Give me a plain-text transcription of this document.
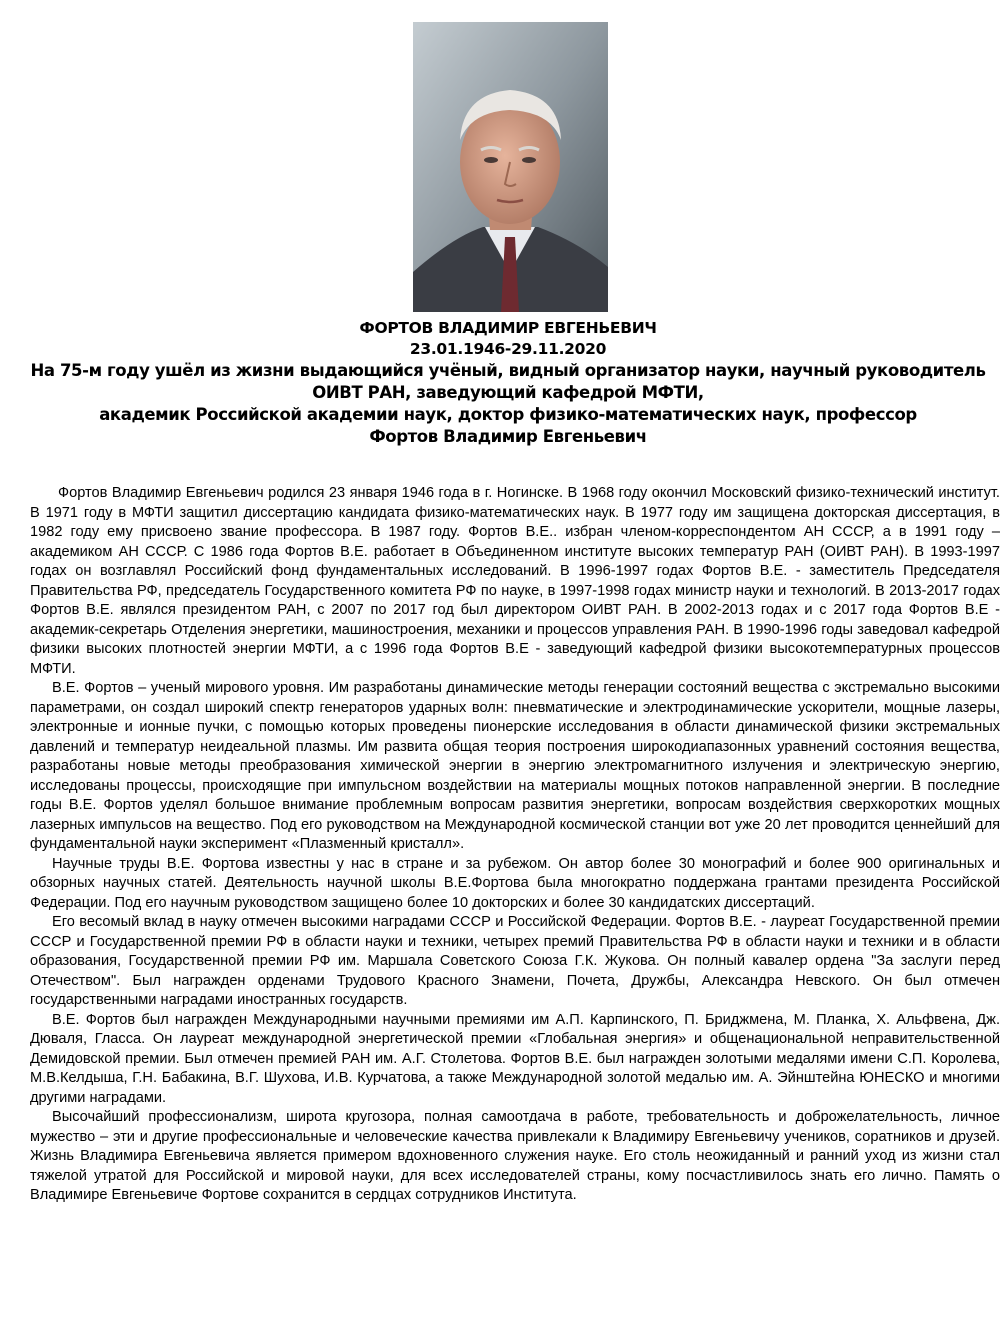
ФОРТОВ ВЛАДИМИР ЕВГЕНЬЕВИЧ
23.01.1946-29.11.2020
На 75-м году ушёл из жизни выдающийся учёный, видный организатор науки, научный руководитель
ОИВТ РАН, заведующий кафедрой МФТИ,
академик Российской академии наук, доктор физико-математических наук, профессор
Фортов Владимир Евгеньевич

Фортов Владимир Евгеньевич родился 23 января 1946 года в г. Ногинске. В 1968 году окончил Московский физико-технический институт. В 1971 году в МФТИ защитил диссертацию кандидата физико-математических наук. В 1977 году им защищена докторская диссертация, в 1982 году ему присвоено звание профессора. В 1987 году. Фортов В.Е.. избран членом-корреспондентом АН СССР, а в 1991 году – академиком АН СССР. С 1986 года Фортов В.Е. работает в Объединенном институте высоких температур РАН (ОИВТ РАН). В 1993-1997 годах он возглавлял Российский фонд фундаментальных исследований. В 1996-1997 годах Фортов В.Е. - заместитель Председателя Правительства РФ, председатель Государственного комитета РФ по науке, в 1997-1998 годах министр науки и технологий. В 2013-2017 годах Фортов В.Е. являлся президентом РАН, с 2007 по 2017 год был директором ОИВТ РАН. В 2002-2013 годах и с 2017 года Фортов В.Е - академик-секретарь Отделения энергетики, машиностроения, механики и процессов управления РАН. В 1990-1996 годы заведовал кафедрой физики высоких плотностей энергии МФТИ, а с 1996 года Фортов В.Е - заведующий кафедрой физики высокотемпературных процессов МФТИ.

В.Е. Фортов – ученый мирового уровня. Им разработаны динамические методы генерации состояний вещества с экстремально высокими параметрами, он создал широкий спектр генераторов ударных волн: пневматические и электродинамические ускорители, мощные лазеры, электронные и ионные пучки, с помощью которых проведены пионерские исследования в области динамической физики экстремальных давлений и температур неидеальной плазмы. Им развита общая теория построения широкодиапазонных уравнений состояния вещества, разработаны новые методы преобразования химической энергии в энергию электромагнитного излучения и электрическую энергию, исследованы процессы, происходящие при импульсном воздействии на материалы мощных потоков направленной энергии. В последние годы В.Е. Фортов уделял большое внимание проблемным вопросам развития энергетики, вопросам воздействия сверхкоротких мощных лазерных импульсов на вещество. Под его руководством на Международной космической станции вот уже 20 лет проводится ценнейший для фундаментальной науки эксперимент «Плазменный кристалл».

Научные труды В.Е. Фортова известны у нас в стране и за рубежом. Он автор более 30 монографий и более 900 оригинальных и обзорных научных статей. Деятельность научной школы В.Е.Фортова была многократно поддержана грантами президента Российской Федерации. Под его научным руководством защищено более 10 докторских и более 30 кандидатских диссертаций.

Его весомый вклад в науку отмечен высокими наградами СССР и Российской Федерации. Фортов В.Е. - лауреат Государственной премии СССР и Государственной премии РФ в области науки и техники, четырех премий Правительства РФ в области науки и техники и в области образования, Государственной премии РФ им. Маршала Советского Союза Г.К. Жукова. Он полный кавалер ордена "За заслуги перед Отечеством". Был награжден орденами Трудового Красного Знамени, Почета, Дружбы, Александра Невского. Он был отмечен государственными наградами иностранных государств.

В.Е. Фортов был награжден Международными научными премиями им А.П. Карпинского, П. Бриджмена, М. Планка, Х. Альфвена, Дж. Дюваля, Гласса. Он лауреат международной энергетической премии «Глобальная энергия» и общенациональной неправительственной Демидовской премии. Был отмечен премией РАН им. А.Г. Столетова. Фортов В.Е. был награжден золотыми медалями имени С.П. Королева, М.В.Келдыша, Г.Н. Бабакина, В.Г. Шухова, И.В. Курчатова, а также Международной золотой медалью им. А. Эйнштейна ЮНЕСКО и многими другими наградами.

Высочайший профессионализм, широта кругозора, полная самоотдача в работе, требовательность и доброжелательность, личное мужество – эти и другие профессиональные и человеческие качества привлекали к Владимиру Евгеньевичу учеников, соратников и друзей. Жизнь Владимира Евгеньевича является примером вдохновенного служения науке. Его столь неожиданный и ранний уход из жизни стал тяжелой утратой для Российской и мировой науки, для всех исследователей страны, кому посчастливилось знать его лично. Память о Владимире Евгеньевиче Фортове сохранится в сердцах сотрудников Института.
